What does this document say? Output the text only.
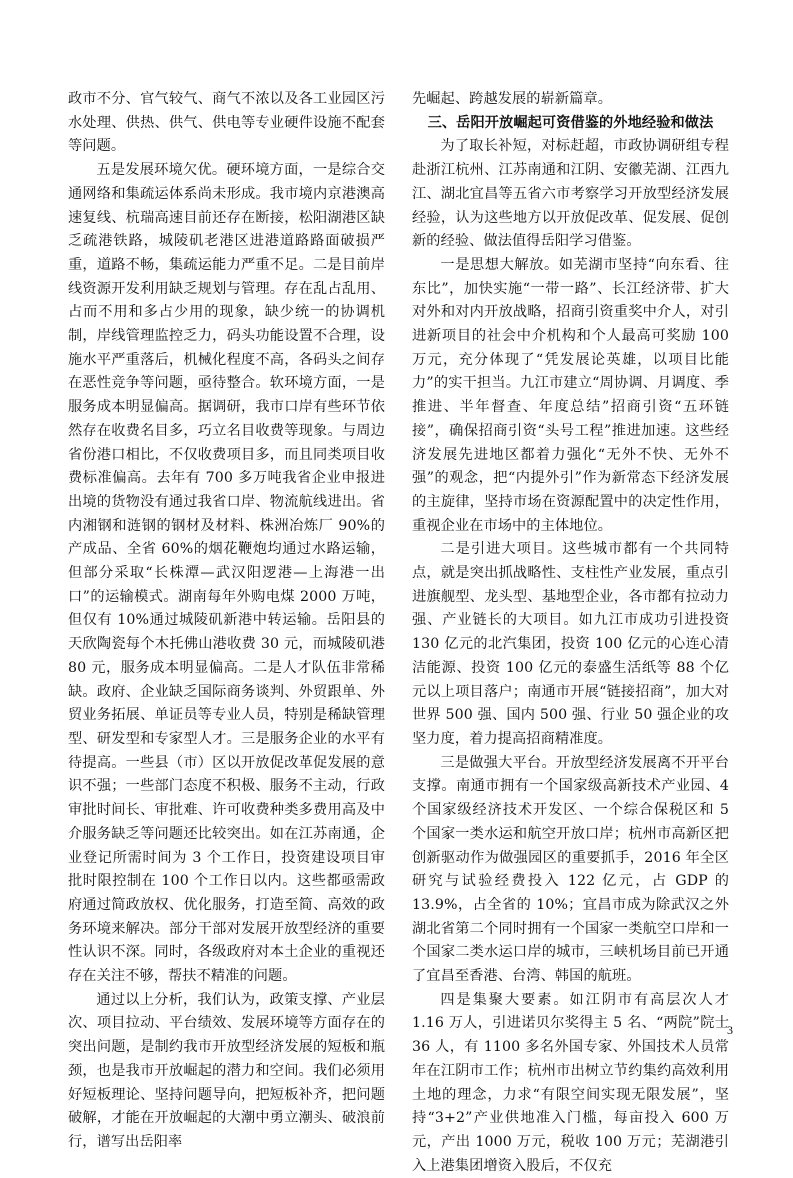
政市不分、官气较气、商气不浓以及各工业园区污水处理、供热、供气、供电等专业硬件设施不配套等问题。

五是发展环境欠优。硬环境方面，一是综合交通网络和集疏运体系尚未形成。我市境内京港澳高速复线、杭瑞高速目前还存在断接，松阳湖港区缺乏疏港铁路，城陵矶老港区进港道路路面破损严重，道路不畅，集疏运能力严重不足。二是目前岸线资源开发利用缺乏规划与管理。存在乱占乱用、占而不用和多占少用的现象，缺少统一的协调机制，岸线管理监控乏力，码头功能设置不合理，设施水平严重落后，机械化程度不高，各码头之间存在恶性竞争等问题，亟待整合。软环境方面，一是服务成本明显偏高。据调研，我市口岸有些环节依然存在收费名目多，巧立名目收费等现象。与周边省份港口相比，不仅收费项目多，而且同类项目收费标准偏高。去年有 700 多万吨我省企业申报进出境的货物没有通过我省口岸、物流航线进出。省内湘钢和涟钢的钢材及材料、株洲冶炼厂 90%的产成品、全省 60%的烟花鞭炮均通过水路运输，但部分采取“长株潭—武汉阳逻港—上海港一出口”的运输模式。湖南每年外购电煤 2000 万吨，但仅有 10%通过城陵矶新港中转运输。岳阳县的天欣陶瓷每个木托佛山港收费 30 元，而城陵矶港 80 元，服务成本明显偏高。二是人才队伍非常稀缺。政府、企业缺乏国际商务谈判、外贸跟单、外贸业务拓展、单证员等专业人员，特别是稀缺管理型、研发型和专家型人才。三是服务企业的水平有待提高。一些县（市）区以开放促改革促发展的意识不强；一些部门态度不积极、服务不主动，行政审批时间长、审批难、许可收费种类多费用高及中介服务缺乏等问题还比较突出。如在江苏南通，企业登记所需时间为 3 个工作日，投资建设项目审批时限控制在 100 个工作日以内。这些都亟需政府通过简政放权、优化服务，打造至简、高效的政务环境来解决。部分干部对发展开放型经济的重要性认识不深。同时，各级政府对本土企业的重视还存在关注不够，帮扶不精准的问题。

通过以上分析，我们认为，政策支撑、产业层次、项目拉动、平台绩效、发展环境等方面存在的突出问题，是制约我市开放型经济发展的短板和瓶颈，也是我市开放崛起的潜力和空间。我们必须用好短板理论、坚持问题导向，把短板补齐，把问题破解，才能在开放崛起的大潮中勇立潮头、破浪前行，谱写出岳阳率

先崛起、跨越发展的崭新篇章。

三、岳阳开放崛起可资借鉴的外地经验和做法

为了取长补短，对标赶超，市政协调研组专程赴浙江杭州、江苏南通和江阴、安徽芜湖、江西九江、湖北宜昌等五省六市考察学习开放型经济发展经验，认为这些地方以开放促改革、促发展、促创新的经验、做法值得岳阳学习借鉴。

一是思想大解放。如芜湖市坚持“向东看、往东比”，加快实施“一带一路”、长江经济带、扩大对外和对内开放战略，招商引资重奖中介人，对引进新项目的社会中介机构和个人最高可奖励 100 万元，充分体现了“凭发展论英雄，以项目比能力”的实干担当。九江市建立“周协调、月调度、季推进、半年督查、年度总结”招商引资“五环链接”，确保招商引资“头号工程”推进加速。这些经济发展先进地区都着力强化“无外不快、无外不强”的观念，把“内提外引”作为新常态下经济发展的主旋律，坚持市场在资源配置中的决定性作用，重视企业在市场中的主体地位。

二是引进大项目。这些城市都有一个共同特点，就是突出抓战略性、支柱性产业发展，重点引进旗舰型、龙头型、基地型企业，各市都有拉动力强、产业链长的大项目。如九江市成功引进投资 130 亿元的北汽集团，投资 100 亿元的心连心清洁能源、投资 100 亿元的泰盛生活纸等 88 个亿元以上项目落户；南通市开展“链接招商”，加大对世界 500 强、国内 500 强、行业 50 强企业的攻坚力度，着力提高招商精准度。

三是做强大平台。开放型经济发展离不开平台支撑。南通市拥有一个国家级高新技术产业园、4 个国家级经济技术开发区、一个综合保税区和 5 个国家一类水运和航空开放口岸；杭州市高新区把创新驱动作为做强园区的重要抓手，2016 年全区研究与试验经费投入 122 亿元，占 GDP 的 13.9%，占全省的 10%；宜昌市成为除武汉之外湖北省第二个同时拥有一个国家一类航空口岸和一个国家二类水运口岸的城市，三峡机场目前已开通了宜昌至香港、台湾、韩国的航班。

四是集聚大要素。如江阴市有高层次人才 1.16 万人，引进诺贝尔奖得主 5 名、“两院”院士 36 人，有 1100 多名外国专家、外国技术人员常年在江阴市工作；杭州市出树立节约集约高效利用土地的理念，力求“有限空间实现无限发展”，坚持“3+2”产业供地准入门槛，每亩投入 600 万元，产出 1000 万元，税收 100 万元；芜湖港引入上港集团增资入股后，不仅充

3
